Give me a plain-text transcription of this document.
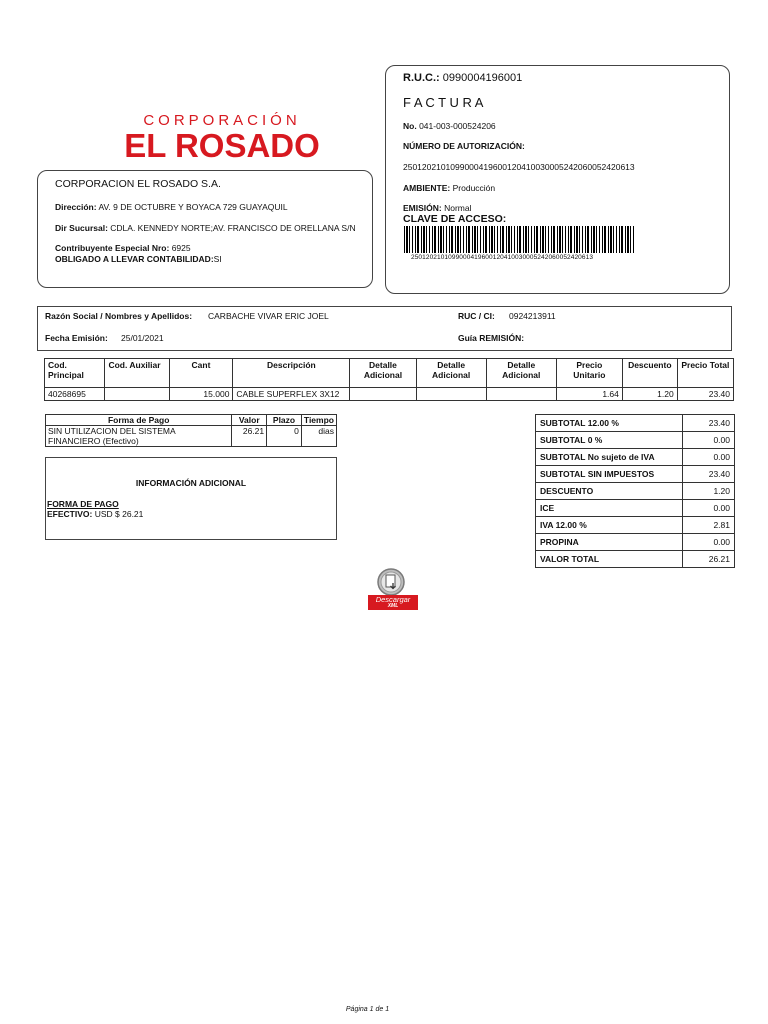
CORPORACIÓN
EL ROSADO
R.U.C.: 0990004196001
F A C T U R A
No. 041-003-000524206
NÚMERO DE AUTORIZACIÓN:
2501202101099000419600120410030005242060052420613
AMBIENTE: Producción
EMISIÓN: Normal
CLAVE DE ACCESO:
2501202101099000419600120410030005242060052420613
CORPORACION EL ROSADO S.A.
Dirección: AV. 9 DE OCTUBRE Y BOYACA 729 GUAYAQUIL
Dir Sucursal: CDLA. KENNEDY NORTE;AV. FRANCISCO DE ORELLANA S/N
Contribuyente Especial Nro: 6925
OBLIGADO A LLEVAR CONTABILIDAD:SI
Razón Social / Nombres y Apellidos: CARBACHE VIVAR ERIC JOEL	RUC / CI: 0924213911
Fecha Emisión: 25/01/2021	Guía REMISIÓN:
Cod. Principal	Cod. Auxiliar	Cant	Descripción	Detalle Adicional	Detalle Adicional	Detalle Adicional	Precio Unitario	Descuento	Precio Total
40268695		15.000	CABLE SUPERFLEX 3X12				1.64	1.20	23.40
Forma de Pago	Valor	Plazo	Tiempo
SIN UTILIZACION DEL SISTEMA FINANCIERO (Efectivo)	26.21	0	dias
INFORMACIÓN ADICIONAL
FORMA DE PAGO
EFECTIVO: USD $ 26.21
SUBTOTAL 12.00 %	23.40
SUBTOTAL 0 %	0.00
SUBTOTAL No sujeto de IVA	0.00
SUBTOTAL SIN IMPUESTOS	23.40
DESCUENTO	1.20
ICE	0.00
IVA 12.00 %	2.81
PROPINA	0.00
VALOR TOTAL	26.21
Descargar
XML
Página 1 de 1
